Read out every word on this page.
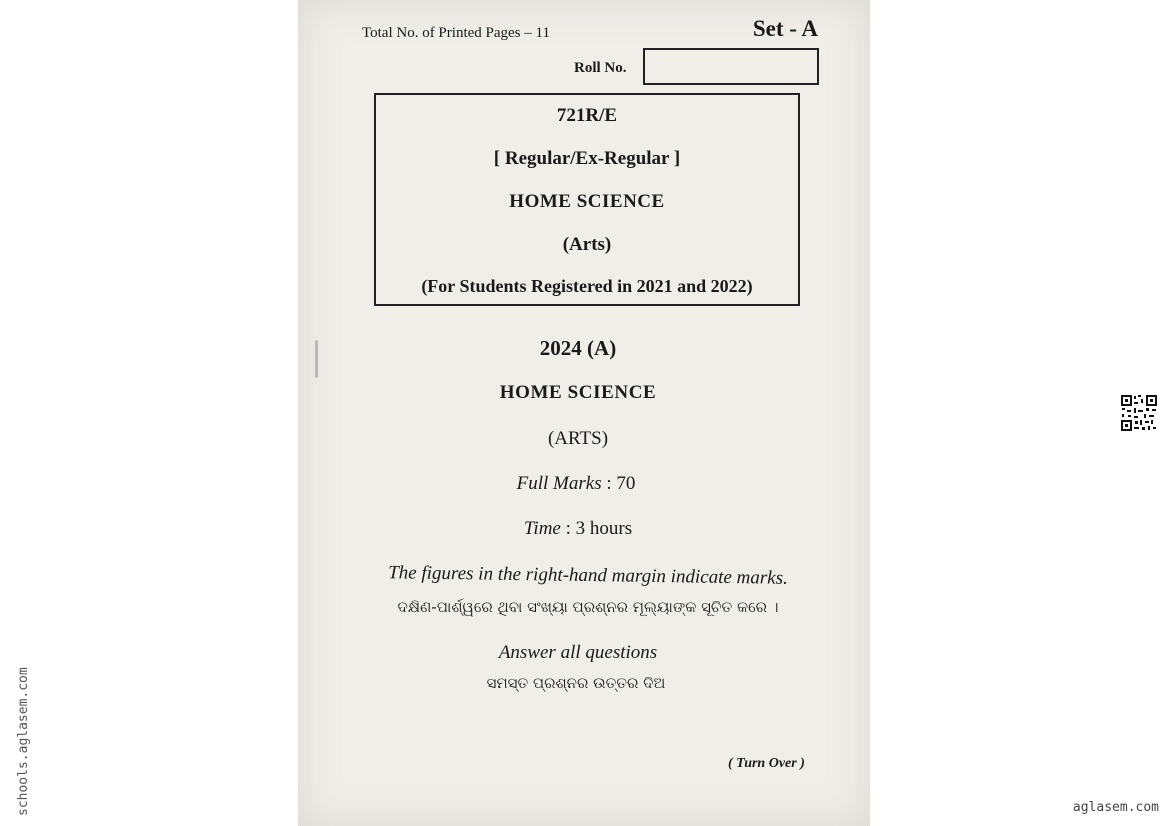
Total No. of Printed Pages – 11	Set - A
Roll No.
721R/E
[ Regular/Ex-Regular ]
HOME SCIENCE
(Arts)
(For Students Registered in 2021 and 2022)
2024 (A)
HOME SCIENCE
(ARTS)
Full Marks : 70
Time : 3 hours
The figures in the right-hand margin indicate marks.
ଦକ୍ଷିଣ-ପାର୍ଶ୍ୱରେ ଥିବା ସଂଖ୍ୟା ପ୍ରଶ୍ନର ମୂଲ୍ୟାଙ୍କ ସୂଚିତ କରେ ।
Answer all questions
ସମସ୍ତ ପ୍ରଶ୍ନର ଉତ୍ତର ଦିଅ
( Turn Over )
schools.aglasem.com	aglasem.com
